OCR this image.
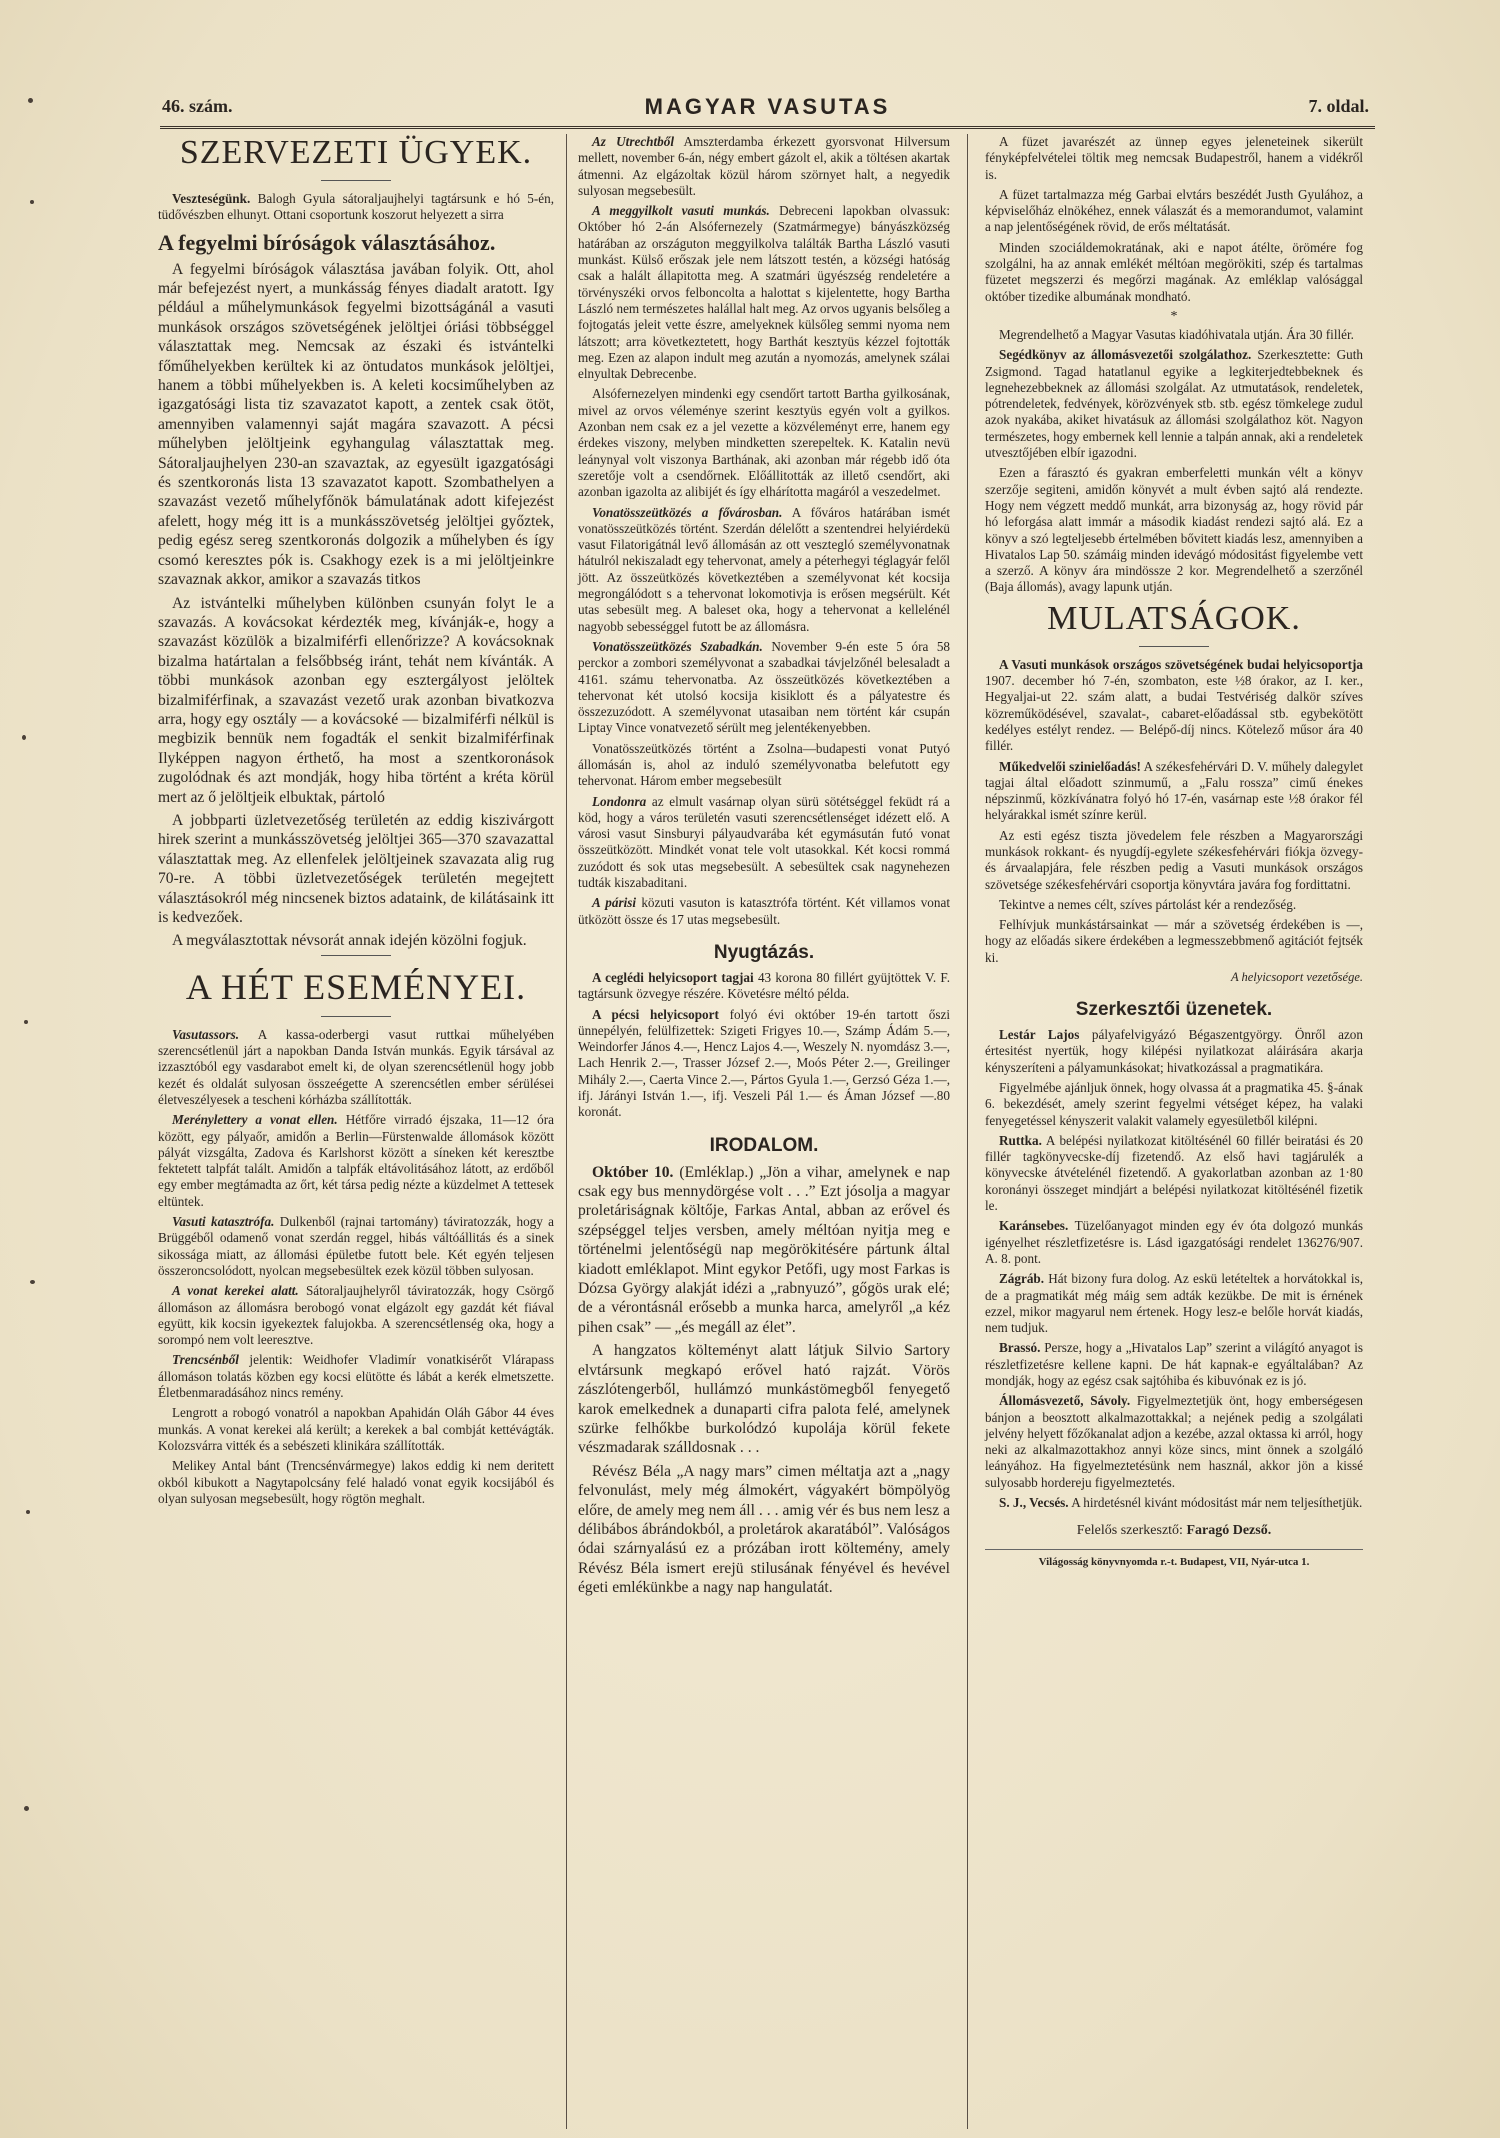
46. szám.	MAGYAR VASUTAS	7. oldal.
SZERVEZETI ÜGYEK.

Veszteségünk. Balogh Gyula sátoraljaujhelyi tagtársunk e hó 5-én, tüdővészben elhunyt. Ottani csoportunk koszorut helyezett a sirra

A fegyelmi bíróságok választásához.

A fegyelmi bíróságok választása javában folyik. Ott, ahol már befejezést nyert, a munkásság fényes diadalt aratott. Igy például a műhelymunkások fegyelmi bizottságánál a vasuti munkások országos szövetségének jelöltjei óriási többséggel választattak meg. Nemcsak az északi és istvántelki főműhelyekben kerültek ki az öntudatos munkások jelöltjei, hanem a többi műhelyekben is. A keleti kocsiműhelyben az igazgatósági lista tiz szavazatot kapott, a zentek csak ötöt, amennyiben valamennyi saját magára szavazott. A pécsi műhelyben jelöltjeink egyhangulag választattak meg. Sátoraljaujhelyen 230-an szavaztak, az egyesült igazgatósági és szentkoronás lista 13 szavazatot kapott. Szombathelyen a szavazást vezető műhelyfőnök bámulatának adott kifejezést afelett, hogy még itt is a munkásszövetség jelöltjei győztek, pedig egész sereg szentkoronás dolgozik a műhelyben és így csomó keresztes pók is. Csakhogy ezek is a mi jelöltjeinkre szavaznak akkor, amikor a szavazás titkos

Az istvántelki műhelyben különben csunyán folyt le a szavazás. A kovácsokat kérdezték meg, kívánják-e, hogy a szavazást közülök a bizalmiférfi ellenőrizze? A kovácsoknak bizalma határtalan a felsőbbség iránt, tehát nem kívánták. A többi munkások azonban egy esztergályost jelöltek bizalmiférfinak, a szavazást vezető urak azonban bivatkozva arra, hogy egy osztály — a kovácsoké — bizalmiférfi nélkül is megbizik bennük nem fogadták el senkit bizalmiférfinak Ilyképpen nagyon érthető, ha most a szentkoronások zugolódnak és azt mondják, hogy hiba történt a kréta körül mert az ő jelöltjeik elbuktak, pártoló

A jobbparti üzletvezetőség területén az eddig kiszivárgott hirek szerint a munkásszövetség jelöltjei 365—370 szavazattal választattak meg. Az ellenfelek jelöltjeinek szavazata alig rug 70-re. A többi üzletvezetőségek területén megejtett választásokról még nincsenek biztos adataink, de kilátásaink itt is kedvezőek.

A megválasztottak névsorát annak idején közölni fogjuk.

A HÉT ESEMÉNYEI.

Vasutassors. A kassa-oderbergi vasut ruttkai műhelyében szerencsétlenül járt a napokban Danda István munkás. Egyik társával az izzasztóból egy vasdarabot emelt ki, de olyan szerencsétlenül hogy jobb kezét és oldalát sulyosan összeégette A szerencsétlen ember sérülései életveszélyesek a tescheni kórházba szállították.

Merénylettery a vonat ellen. Hétfőre virradó éjszaka, 11—12 óra között, egy pályaőr, amidőn a Berlin—Fürstenwalde állomások között pályát vizsgálta, Zadova és Karlshorst között a síneken két keresztbe fektetett talpfát talált. Amidőn a talpfák eltávolitásához látott, az erdőből egy ember megtámadta az őrt, két társa pedig nézte a küzdelmet A tettesek eltüntek.

Vasuti katasztrófa. Dulkenből (rajnai tartomány) táviratozzák, hogy a Brüggéből odamenő vonat szerdán reggel, hibás váltóállitás és a sinek sikossága miatt, az állomási épületbe futott bele. Két egyén teljesen összeroncsolódott, nyolcan megsebesültek ezek közül többen sulyosan.

A vonat kerekei alatt. Sátoraljaujhelyről táviratozzák, hogy Csörgő állomáson az állomásra berobogó vonat elgázolt egy gazdát két fiával együtt, kik kocsin igyekeztek falujokba. A szerencsétlenség oka, hogy a sorompó nem volt leeresztve.

Trencsénből jelentik: Weidhofer Vladimír vonatkisérőt Vlárapass állomáson tolatás közben egy kocsi elütötte és lábát a kerék elmetszette. Életbenmaradásához nincs remény.

Lengrott a robogó vonatról a napokban Apahidán Oláh Gábor 44 éves munkás. A vonat kerekei alá került; a kerekek a bal combját kettévágták. Kolozsvárra vitték és a sebészeti klinikára szállították.

Melikey Antal bánt (Trencsénvármegye) lakos eddig ki nem deritett okból kibukott a Nagytapolcsány felé haladó vonat egyik kocsijából és olyan sulyosan megsebesült, hogy rögtön meghalt.

Az Utrechtből Amszterdamba érkezett gyorsvonat Hilversum mellett, november 6-án, négy embert gázolt el, akik a töltésen akartak átmenni. Az elgázoltak közül három szörnyet halt, a negyedik sulyosan megsebesült.

A meggyilkolt vasuti munkás. Debreceni lapokban olvassuk: Október hó 2-án Alsófernezely (Szatmármegye) bányászközség határában az országuton meggyilkolva találták Bartha László vasuti munkást. Külső erőszak jele nem látszott testén, a községi hatóság csak a halált állapitotta meg. A szatmári ügyészség rendeletére a törvényszéki orvos felboncolta a halottat s kijelentette, hogy Bartha László nem természetes halállal halt meg. Az orvos ugyanis belsőleg a fojtogatás jeleit vette észre, amelyeknek külsőleg semmi nyoma nem látszott; arra következtetett, hogy Barthát kesztyüs kézzel fojtották meg. Ezen az alapon indult meg azután a nyomozás, amelynek szálai elnyultak Debrecenbe.

Alsófernezelyen mindenki egy csendőrt tartott Bartha gyilkosának, mivel az orvos véleménye szerint kesztyüs egyén volt a gyilkos. Azonban nem csak ez a jel vezette a közvéleményt erre, hanem egy érdekes viszony, melyben mindketten szerepeltek. K. Katalin nevü leánynyal volt viszonya Barthának, aki azonban már régebb idő óta szeretője volt a csendőrnek. Előállitották az illető csendőrt, aki azonban igazolta az alibijét és így elhárította magáról a veszedelmet.

Vonatösszeütközés a fővárosban. A főváros határában ismét vonatösszeütközés történt. Szerdán délelőtt a szentendrei helyiérdekü vasut Filatorigátnál levő állomásán az ott vesztegló személyvonatnak hátulról nekiszaladt egy tehervonat, amely a péterhegyi téglagyár felől jött. Az összeütközés következtében a személyvonat két kocsija megrongálódott s a tehervonat lokomotivja is erősen megsérült. Két utas sebesült meg. A baleset oka, hogy a tehervonat a kellelénél nagyobb sebességgel futott be az állomásra.

Vonatösszeütközés Szabadkán. November 9-én este 5 óra 58 perckor a zombori személyvonat a szabadkai távjelzőnél belesaladt a 4161. számu tehervonatba. Az összeütközés következtében a tehervonat két utolsó kocsija kisiklott és a pályatestre és összezuzódott. A személyvonat utasaiban nem történt kár csupán Liptay Vince vonatvezető sérült meg jelentékenyebben.

Vonatösszeütközés történt a Zsolna—budapesti vonat Putyó állomásán is, ahol az induló személyvonatba belefutott egy tehervonat. Három ember megsebesült

Londonra az elmult vasárnap olyan sürü sötétséggel feküdt rá a köd, hogy a város területén vasuti szerencsétlenséget idézett elő. A városi vasut Sinsburyi pályaudvarába két egymásután futó vonat összeütközött. Mindkét vonat tele volt utasokkal. Két kocsi rommá zuzódott és sok utas megsebesült. A sebesültek csak nagynehezen tudták kiszabaditani.

A párisi közuti vasuton is katasztrófa történt. Két villamos vonat ütközött össze és 17 utas megsebesült.

Nyugtázás.

A ceglédi helyicsoport tagjai 43 korona 80 fillért gyüjtöttek V. F. tagtársunk özvegye részére. Követésre méltó példa.

A pécsi helyicsoport folyó évi október 19-én tartott őszi ünnepélyén, felülfizettek: Szigeti Frigyes 10.—, Számp Ádám 5.—, Weindorfer János 4.—, Hencz Lajos 4.—, Weszely N. nyomdász 3.—, Lach Henrik 2.—, Trasser József 2.—, Moós Péter 2.—, Greilinger Mihály 2.—, Caerta Vince 2.—, Pártos Gyula 1.—, Gerzsó Géza 1.—, ifj. Járányi István 1.—, ifj. Veszeli Pál 1.— és Áman József —.80 koronát.

IRODALOM.

Október 10. (Emléklap.) „Jön a vihar, amelynek e nap csak egy bus mennydörgése volt . . .” Ezt jósolja a magyar proletáriságnak költője, Farkas Antal, abban az erővel és szépséggel teljes versben, amely méltóan nyitja meg e történelmi jelentőségü nap megörökitésére pártunk által kiadott emléklapot. Mint egykor Petőfi, ugy most Farkas is Dózsa György alakját idézi a „rabnyuzó”, gőgös urak elé; de a vérontásnál erősebb a munka harca, amelyről „a kéz pihen csak” — „és megáll az élet”.

A hangzatos költeményt alatt látjuk Silvio Sartory elvtársunk megkapó erővel ható rajzát. Vörös zászlótengerből, hullámzó munkástömegből fenyegető karok emelkednek a dunaparti cifra palota felé, amelynek szürke felhőkbe burkolódzó kupolája körül fekete vészmadarak szálldosnak . . .

Révész Béla „A nagy mars” cimen méltatja azt a „nagy felvonulást, mely még álmokért, vágyakért bömpölyög előre, de amely meg nem áll . . . amig vér és bus nem lesz a délibábos ábrándokból, a proletárok akaratából”. Valóságos ódai szárnyalású ez a prózában irott költemény, amely Révész Béla ismert erejü stilusának fényével és hevével égeti emlékünkbe a nagy nap hangulatát.

A füzet javarészét az ünnep egyes jeleneteinek sikerült fényképfelvételei töltik meg nemcsak Budapestről, hanem a vidékről is.

A füzet tartalmazza még Garbai elvtárs beszédét Justh Gyulához, a képviselőház elnökéhez, ennek válaszát és a memorandumot, valamint a nap jelentőségének rövid, de erős méltatását.

Minden szociáldemokratának, aki e napot átélte, örömére fog szolgálni, ha az annak emlékét méltóan megörökiti, szép és tartalmas füzetet megszerzi és megőrzi magának. Az emléklap valósággal október tizedike albumának mondható.

*

Megrendelhető a Magyar Vasutas kiadóhivatala utján. Ára 30 fillér.

Segédkönyv az állomásvezetői szolgálathoz. Szerkesztette: Guth Zsigmond. Tagad hatatlanul egyike a legkiterjedtebbeknek és legnehezebbeknek az állomási szolgálat. Az utmutatások, rendeletek, pótrendeletek, fedvények, körözvények stb. stb. egész tömkelege zudul azok nyakába, akiket hivatásuk az állomási szolgálathoz köt. Nagyon természetes, hogy embernek kell lennie a talpán annak, aki a rendeletek utvesztőjében elbír igazodni.

Ezen a fárasztó és gyakran emberfeletti munkán vélt a könyv szerzője segiteni, amidőn könyvét a mult évben sajtó alá rendezte. Hogy nem végzett meddő munkát, arra bizonyság az, hogy rövid pár hó leforgása alatt immár a második kiadást rendezi sajtó alá. Ez a könyv a szó legteljesebb értelmében bővitett kiadás lesz, amennyiben a Hivatalos Lap 50. számáig minden idevágó módositást figyelembe vett a szerző. A könyv ára mindössze 2 kor. Megrendelhető a szerzőnél (Baja állomás), avagy lapunk utján.

MULATSÁGOK.

A Vasuti munkások országos szövetségének budai helyicsoportja 1907. december hó 7-én, szombaton, este ½8 órakor, az I. ker., Hegyaljai-ut 22. szám alatt, a budai Testvériség dalkör szíves közreműködésével, szavalat-, cabaret-előadással stb. egybekötött kedélyes estélyt rendez. — Belépő-díj nincs. Kötelező műsor ára 40 fillér.

Műkedvelői szinielőadás! A székesfehérvári D. V. műhely dalegylet tagjai által előadott szinmumű, a „Falu rossza” cimű énekes népszinmű, közkívánatra folyó hó 17-én, vasárnap este ½8 órakor fél helyárakkal ismét színre kerül.

Az esti egész tiszta jövedelem fele részben a Magyarországi munkások rokkant- és nyugdíj-egylete székesfehérvári fiókja özvegy- és árvaalapjára, fele részben pedig a Vasuti munkások országos szövetsége székesfehérvári csoportja könyvtára javára fog fordittatni.

Tekintve a nemes célt, szíves pártolást kér a rendezőség.

Felhívjuk munkástársainkat — már a szövetség érdekében is —, hogy az előadás sikere érdekében a legmesszebbmenő agitációt fejtsék ki.

A helyicsoport vezetősége.

Szerkesztői üzenetek.

Lestár Lajos pályafelvigyázó Bégaszentgyörgy. Önről azon értesitést nyertük, hogy kilépési nyilatkozat aláirására akarja kényszeríteni a pályamunkásokat; hivatkozással a pragmatikára.

Figyelmébe ajánljuk önnek, hogy olvassa át a pragmatika 45. §-ának 6. bekezdését, amely szerint fegyelmi vétséget képez, ha valaki fenyegetéssel kényszerit valakit valamely egyesületből kilépni.

Ruttka. A belépési nyilatkozat kitöltésénél 60 fillér beiratási és 20 fillér tagkönyvecske-díj fizetendő. Az első havi tagjárulék a könyvecske átvételénél fizetendő. A gyakorlatban azonban az 1·80 koronányi összeget mindjárt a belépési nyilatkozat kitöltésénél fizetik le.

Karánsebes. Tüzelőanyagot minden egy év óta dolgozó munkás igényelhet részletfizetésre is. Lásd igazgatósági rendelet 136276/907. A. 8. pont.

Zágráb. Hát bizony fura dolog. Az eskü letételtek a horvátokkal is, de a pragmatikát még máig sem adták kezükbe. De mit is érnének ezzel, mikor magyarul nem értenek. Hogy lesz-e belőle horvát kiadás, nem tudjuk.

Brassó. Persze, hogy a „Hivatalos Lap” szerint a világító anyagot is részletfizetésre kellene kapni. De hát kapnak-e egyáltalában? Az mondják, hogy az egész csak sajtóhiba és kibuvónak ez is jó.

Állomásvezető, Sávoly. Figyelmeztetjük önt, hogy emberségesen bánjon a beosztott alkalmazottakkal; a nejének pedig a szolgálati jelvény helyett főzőkanalat adjon a kezébe, azzal oktassa ki arról, hogy neki az alkalmazottakhoz annyi köze sincs, mint önnek a szolgáló leányához. Ha figyelmeztetésünk nem használ, akkor jön a kissé sulyosabb hordereju figyelmeztetés.

S. J., Vecsés. A hirdetésnél kivánt módositást már nem teljesíthetjük.

Felelős szerkesztő: Faragó Dezső.

Világosság könyvnyomda r.-t. Budapest, VII, Nyár-utca 1.
